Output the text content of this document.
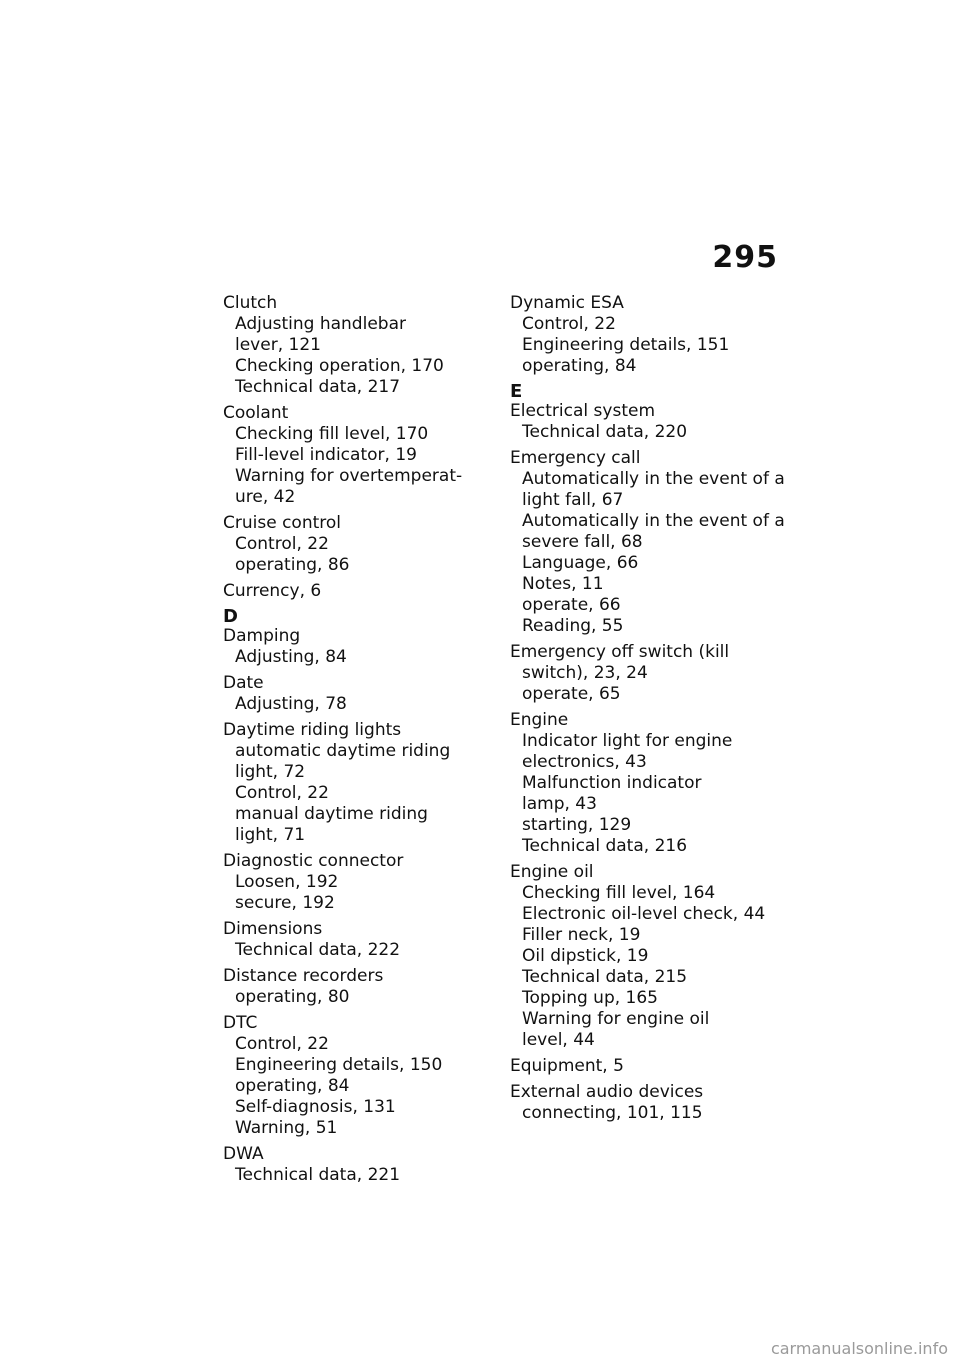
295
Clutch
Adjusting handlebar
lever, 121
Checking operation, 170
Technical data, 217
Coolant
Checking fill level, 170
Fill-level indicator, 19
Warning for overtemperat-
ure, 42
Cruise control
Control, 22
operating, 86
Currency, 6
D
Damping
Adjusting, 84
Date
Adjusting, 78
Daytime riding lights
automatic daytime riding
light, 72
Control, 22
manual daytime riding
light, 71
Diagnostic connector
Loosen, 192
secure, 192
Dimensions
Technical data, 222
Distance recorders
operating, 80
DTC
Control, 22
Engineering details, 150
operating, 84
Self-diagnosis, 131
Warning, 51
DWA
Technical data, 221
Dynamic ESA
Control, 22
Engineering details, 151
operating, 84
E
Electrical system
Technical data, 220
Emergency call
Automatically in the event of a
light fall, 67
Automatically in the event of a
severe fall, 68
Language, 66
Notes, 11
operate, 66
Reading, 55
Emergency off switch (kill
switch), 23, 24
operate, 65
Engine
Indicator light for engine
electronics, 43
Malfunction indicator
lamp, 43
starting, 129
Technical data, 216
Engine oil
Checking fill level, 164
Electronic oil-level check, 44
Filler neck, 19
Oil dipstick, 19
Technical data, 215
Topping up, 165
Warning for engine oil
level, 44
Equipment, 5
External audio devices
connecting, 101, 115
carmanualsonline.info
